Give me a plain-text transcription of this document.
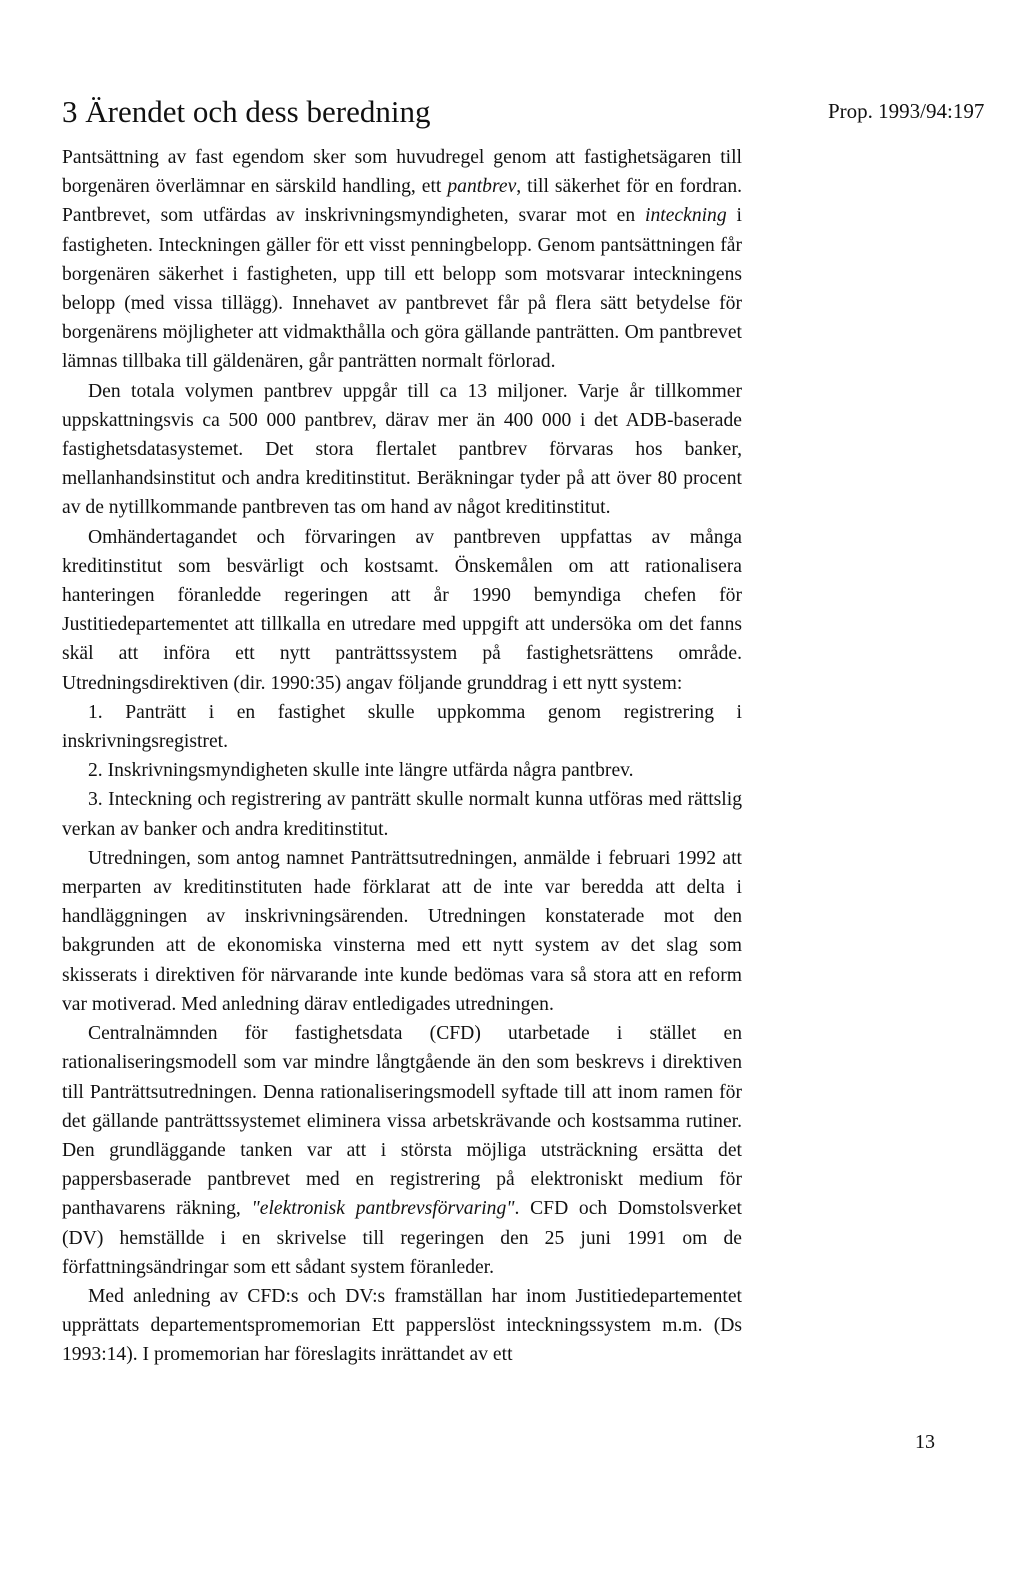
3 Ärendet och dess beredning	Prop. 1993/94:197

Pantsättning av fast egendom sker som huvudregel genom att fastighetsägaren till borgenären överlämnar en särskild handling, ett pantbrev, till säkerhet för en fordran. Pantbrevet, som utfärdas av inskrivningsmyndigheten, svarar mot en inteckning i fastigheten. Inteckningen gäller för ett visst penningbelopp. Genom pantsättningen får borgenären säkerhet i fastigheten, upp till ett belopp som motsvarar inteckningens belopp (med vissa tillägg). Innehavet av pantbrevet får på flera sätt betydelse för borgenärens möjligheter att vidmakthålla och göra gällande panträtten. Om pantbrevet lämnas tillbaka till gäldenären, går panträtten normalt förlorad.

Den totala volymen pantbrev uppgår till ca 13 miljoner. Varje år tillkommer uppskattningsvis ca 500 000 pantbrev, därav mer än 400 000 i det ADB-baserade fastighetsdatasystemet. Det stora flertalet pantbrev förvaras hos banker, mellanhandsinstitut och andra kreditinstitut. Beräkningar tyder på att över 80 procent av de nytillkommande pantbreven tas om hand av något kreditinstitut.

Omhändertagandet och förvaringen av pantbreven uppfattas av många kreditinstitut som besvärligt och kostsamt. Önskemålen om att rationalisera hanteringen föranledde regeringen att år 1990 bemyndiga chefen för Justitiedepartementet att tillkalla en utredare med uppgift att undersöka om det fanns skäl att införa ett nytt panträttssystem på fastighetsrättens område. Utredningsdirektiven (dir. 1990:35) angav följande grunddrag i ett nytt system:

1. Panträtt i en fastighet skulle uppkomma genom registrering i inskrivningsregistret.

2. Inskrivningsmyndigheten skulle inte längre utfärda några pantbrev.

3. Inteckning och registrering av panträtt skulle normalt kunna utföras med rättslig verkan av banker och andra kreditinstitut.

Utredningen, som antog namnet Panträttsutredningen, anmälde i februari 1992 att merparten av kreditinstituten hade förklarat att de inte var beredda att delta i handläggningen av inskrivningsärenden. Utredningen konstaterade mot den bakgrunden att de ekonomiska vinsterna med ett nytt system av det slag som skisserats i direktiven för närvarande inte kunde bedömas vara så stora att en reform var motiverad. Med anledning därav entledigades utredningen.

Centralnämnden för fastighetsdata (CFD) utarbetade i stället en rationaliseringsmodell som var mindre långtgående än den som beskrevs i direktiven till Panträttsutredningen. Denna rationaliseringsmodell syftade till att inom ramen för det gällande panträttssystemet eliminera vissa arbetskrävande och kostsamma rutiner. Den grundläggande tanken var att i största möjliga utsträckning ersätta det pappersbaserade pantbrevet med en registrering på elektroniskt medium för panthavarens räkning, "elektronisk pantbrevsförvaring". CFD och Domstolsverket (DV) hemställde i en skrivelse till regeringen den 25 juni 1991 om de författningsändringar som ett sådant system föranleder.

Med anledning av CFD:s och DV:s framställan har inom Justitiedepartementet upprättats departementspromemorian Ett papperslöst inteckningssystem m.m. (Ds 1993:14). I promemorian har föreslagits inrättandet av ett

13
